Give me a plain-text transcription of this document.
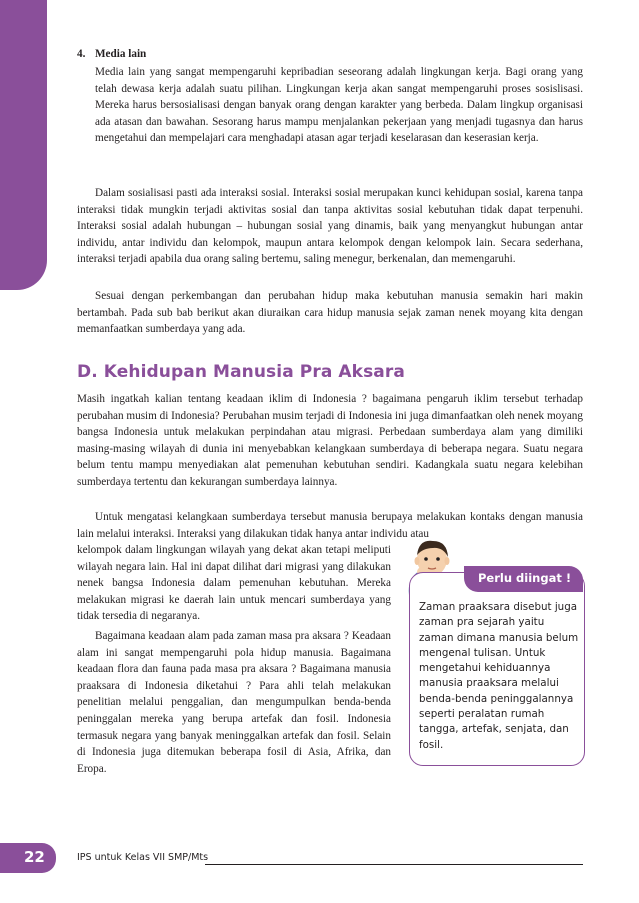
4. Media lain

Media lain yang sangat mempengaruhi kepribadian seseorang adalah lingkungan kerja. Bagi orang yang telah dewasa kerja adalah suatu pilihan. Lingkungan kerja akan sangat mempengaruhi proses sosislisasi. Mereka harus bersosialisasi dengan banyak orang dengan karakter yang berbeda. Dalam lingkup organisasi ada atasan dan bawahan. Sesorang harus mampu menjalankan pekerjaan yang menjadi tugasnya dan harus mengetahui dan mempelajari cara menghadapi atasan agar terjadi keselarasan dan keserasian kerja.

Dalam sosialisasi pasti ada interaksi sosial. Interaksi sosial merupakan kunci kehidupan sosial, karena tanpa interaksi tidak mungkin terjadi aktivitas sosial dan tanpa aktivitas sosial kebutuhan tidak dapat terpenuhi. Interaksi sosial adalah hubungan – hubungan sosial yang dinamis, baik yang menyangkut hubungan antar individu, antar individu dan kelompok, maupun antara kelompok dengan kelompok lain. Secara sederhana, interaksi terjadi apabila dua orang saling bertemu, saling menegur, berkenalan, dan memengaruhi.

Sesuai dengan perkembangan dan perubahan hidup maka kebutuhan manusia semakin hari makin bertambah. Pada sub bab berikut akan diuraikan cara hidup manusia sejak zaman nenek moyang kita dengan memanfaatkan sumberdaya yang ada.

D. Kehidupan Manusia Pra Aksara

Masih ingatkah kalian tentang keadaan iklim di Indonesia ? bagaimana pengaruh iklim tersebut terhadap perubahan musim di Indonesia? Perubahan musim terjadi di Indonesia ini juga dimanfaatkan oleh nenek moyang bangsa Indonesia untuk melakukan perpindahan atau migrasi. Perbedaan sumberdaya alam yang dimiliki masing-masing wilayah di dunia ini menyebabkan kelangkaan sumberdaya di beberapa negara. Suatu negara belum tentu mampu menyediakan alat pemenuhan kebutuhan sendiri. Kadangkala suatu negara kelebihan sumberdaya tertentu dan kekurangan sumberdaya lainnya.

Untuk mengatasi kelangkaan sumberdaya tersebut manusia berupaya melakukan kontaks dengan manusia lain melalui interaksi. Interaksi yang dilakukan tidak hanya antar individu atau

kelompok dalam lingkungan wilayah yang dekat akan tetapi meliputi wilayah negara lain. Hal ini dapat dilihat dari migrasi yang dilakukan nenek bangsa Indonesia dalam pemenuhan kebutuhan. Mereka melakukan migrasi ke daerah lain untuk mencari sumberdaya yang tidak tersedia di negaranya.

Bagaimana keadaan alam pada zaman masa pra aksara ? Keadaan alam ini sangat mempengaruhi pola hidup manusia. Bagaimana keadaan flora dan fauna pada masa pra aksara ? Bagaimana manusia praaksara di Indonesia diketahui ? Para ahli telah melakukan penelitian melalui penggalian, dan mengumpulkan benda-benda peninggalan mereka yang berupa artefak dan fosil. Indonesia termasuk negara yang banyak meninggalkan artefak dan fosil. Selain di Indonesia juga ditemukan beberapa fosil di Asia, Afrika, dan Eropa.

Perlu diingat !

Zaman praaksara disebut juga zaman pra sejarah yaitu zaman dimana manusia belum mengenal tulisan. Untuk mengetahui kehiduannya manusia praaksara melalui benda-benda peninggalannya seperti peralatan rumah tangga, artefak, senjata, dan fosil.

22	IPS untuk Kelas VII SMP/Mts
